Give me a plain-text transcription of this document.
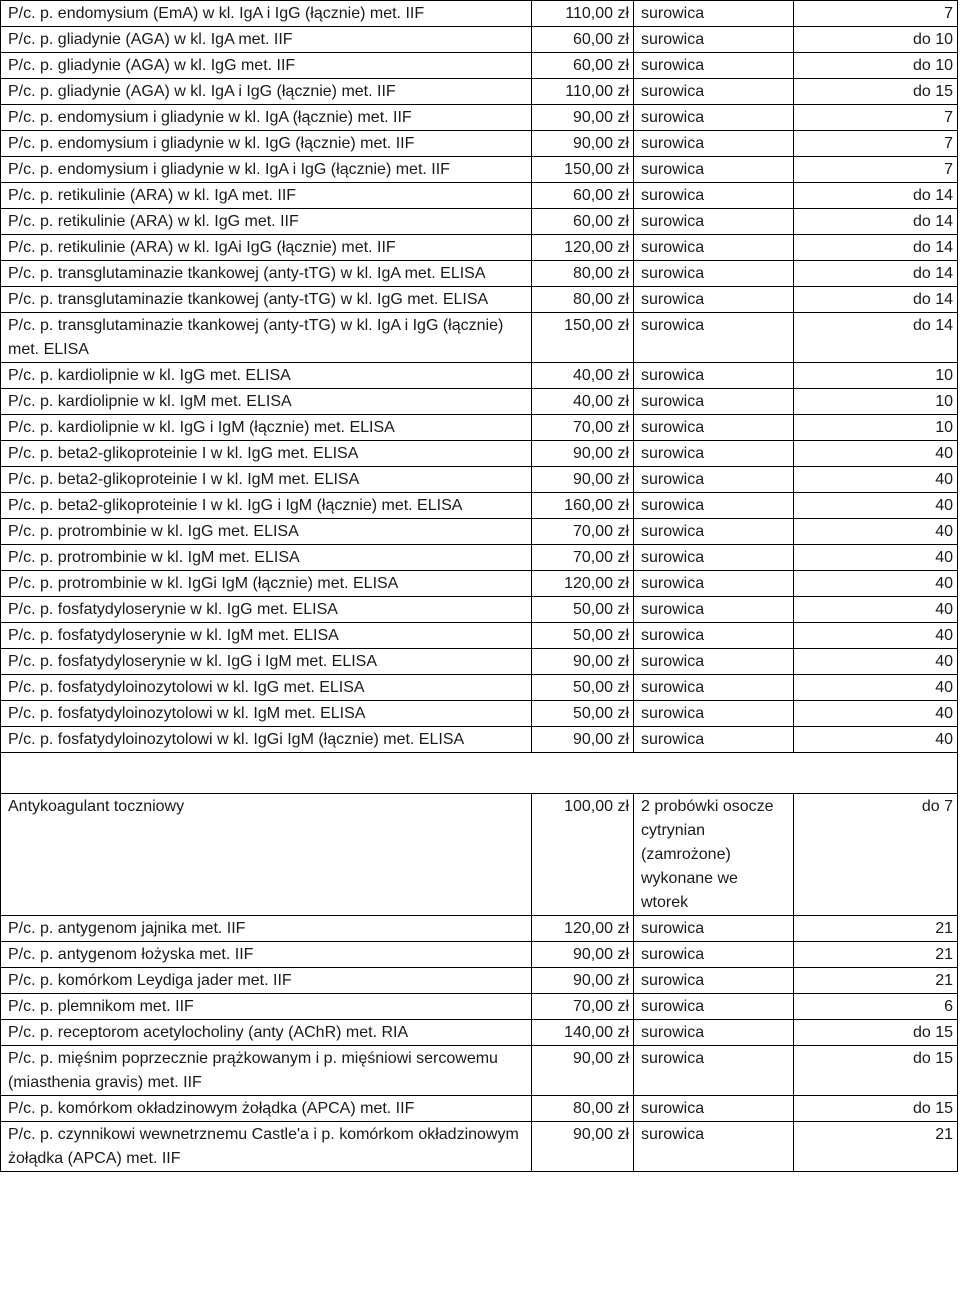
P/c. p. endomysium (EmA) w kl. IgA i IgG (łącznie) met. IIF	110,00 zł	surowica	7
P/c. p. gliadynie (AGA) w kl. IgA met. IIF	60,00 zł	surowica	do 10
P/c. p. gliadynie (AGA) w kl. IgG met. IIF	60,00 zł	surowica	do 10
P/c. p. gliadynie (AGA) w kl. IgA i IgG (łącznie) met. IIF	110,00 zł	surowica	do 15
P/c. p. endomysium i gliadynie w kl. IgA (łącznie) met. IIF	90,00 zł	surowica	7
P/c. p. endomysium i gliadynie w kl. IgG (łącznie) met. IIF	90,00 zł	surowica	7
P/c. p. endomysium i gliadynie w kl. IgA i IgG (łącznie) met. IIF	150,00 zł	surowica	7
P/c. p. retikulinie (ARA) w kl. IgA met. IIF	60,00 zł	surowica	do 14
P/c. p. retikulinie (ARA) w kl. IgG met. IIF	60,00 zł	surowica	do 14
P/c. p. retikulinie (ARA) w kl. IgAi IgG (łącznie) met. IIF	120,00 zł	surowica	do 14
P/c. p. transglutaminazie tkankowej (anty-tTG) w kl. IgA met. ELISA	80,00 zł	surowica	do 14
P/c. p. transglutaminazie tkankowej (anty-tTG) w kl. IgG met. ELISA	80,00 zł	surowica	do 14
P/c. p. transglutaminazie tkankowej (anty-tTG) w kl. IgA i IgG (łącznie) met. ELISA	150,00 zł	surowica	do 14
P/c. p. kardiolipnie w kl. IgG met. ELISA	40,00 zł	surowica	10
P/c. p. kardiolipnie w kl. IgM met. ELISA	40,00 zł	surowica	10
P/c. p. kardiolipnie w kl. IgG i IgM (łącznie) met. ELISA	70,00 zł	surowica	10
P/c. p. beta2-glikoproteinie I w kl. IgG met. ELISA	90,00 zł	surowica	40
P/c. p. beta2-glikoproteinie I w kl. IgM met. ELISA	90,00 zł	surowica	40
P/c. p. beta2-glikoproteinie I w kl. IgG i IgM (łącznie) met. ELISA	160,00 zł	surowica	40
P/c. p. protrombinie w kl. IgG met. ELISA	70,00 zł	surowica	40
P/c. p. protrombinie w kl. IgM met. ELISA	70,00 zł	surowica	40
P/c. p. protrombinie w kl. IgGi IgM (łącznie) met. ELISA	120,00 zł	surowica	40
P/c. p. fosfatydyloserynie w kl. IgG met. ELISA	50,00 zł	surowica	40
P/c. p. fosfatydyloserynie w kl. IgM met. ELISA	50,00 zł	surowica	40
P/c. p. fosfatydyloserynie w kl. IgG i IgM met. ELISA	90,00 zł	surowica	40
P/c. p. fosfatydyloinozytolowi w kl. IgG met. ELISA	50,00 zł	surowica	40
P/c. p. fosfatydyloinozytolowi w kl. IgM met. ELISA	50,00 zł	surowica	40
P/c. p. fosfatydyloinozytolowi w kl. IgGi IgM (łącznie) met. ELISA	90,00 zł	surowica	40

Antykoagulant toczniowy	100,00 zł	2 probówki osocze cytrynian (zamrożone) wykonane we wtorek	do 7
P/c. p. antygenom jajnika met. IIF	120,00 zł	surowica	21
P/c. p. antygenom łożyska met. IIF	90,00 zł	surowica	21
P/c. p. komórkom Leydiga jader met. IIF	90,00 zł	surowica	21
P/c. p. plemnikom met. IIF	70,00 zł	surowica	6
P/c. p. receptorom acetylocholiny (anty (AChR) met. RIA	140,00 zł	surowica	do 15
P/c. p. mięśnim poprzecznie prążkowanym i p. mięśniowi sercowemu (miasthenia gravis) met. IIF	90,00 zł	surowica	do 15
P/c. p. komórkom okładzinowym żołądka (APCA) met. IIF	80,00 zł	surowica	do 15
P/c. p. czynnikowi wewnetrznemu Castle'a i p. komórkom okładzinowym żołądka (APCA) met. IIF	90,00 zł	surowica	21
